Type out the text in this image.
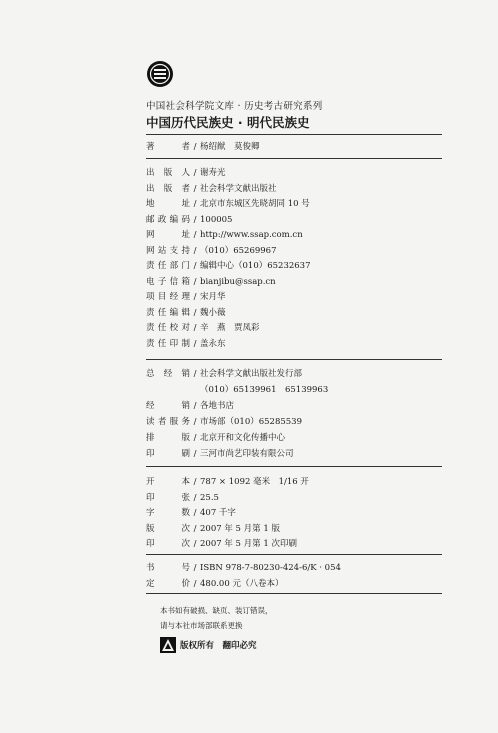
中国社会科学院文库 · 历史考古研究系列
中国历代民族史 · 明代民族史
著　　者 / 杨绍猷　莫俊卿
出 版 人 / 谢寿光
出 版 者 / 社会科学文献出版社
地　　址 / 北京市东城区先晓胡同 10 号
邮政编码 / 100005
网　　址 / http://www.ssap.com.cn
网站支持 / （010）65269967
责任部门 / 编辑中心（010）65232637
电子信箱 / bianjibu@ssap.cn
项目经理 / 宋月华
责任编辑 / 魏小薇
责任校对 / 辛　燕　贾凤彩
责任印制 / 盖永东
总 经 销 / 社会科学文献出版社发行部
（010）65139961　65139963
经　　销 / 各地书店
读者服务 / 市场部（010）65285539
排　　版 / 北京开和文化传播中心
印　　刷 / 三河市尚艺印装有限公司
开　　本 / 787 × 1092 毫米　1/16 开
印　　张 / 25.5
字　　数 / 407 千字
版　　次 / 2007 年 5 月第 1 版
印　　次 / 2007 年 5 月第 1 次印刷
书　　号 / ISBN 978-7-80230-424-6/K · 054
定　　价 / 480.00 元（八卷本）
本书如有破损、缺页、装订错误，
请与本社市场部联系更换
版权所有　翻印必究
